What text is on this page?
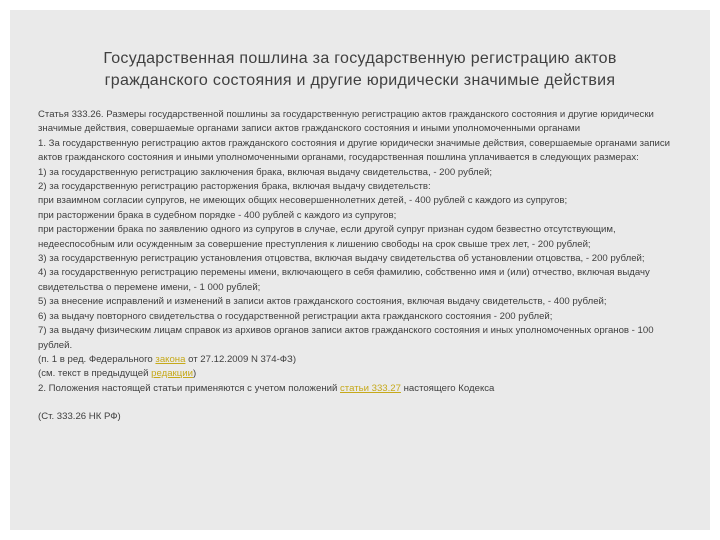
Государственная пошлина за государственную регистрацию актов
гражданского состояния и другие юридически значимые действия

Статья 333.26. Размеры государственной пошлины за государственную регистрацию актов гражданского состояния и другие юридически значимые действия, совершаемые органами записи актов гражданского состояния и иными уполномоченными органами

1. За государственную регистрацию актов гражданского состояния и другие юридически значимые действия, совершаемые органами записи актов гражданского состояния и иными уполномоченными органами, государственная пошлина уплачивается в следующих размерах:

1) за государственную регистрацию заключения брака, включая выдачу свидетельства, - 200 рублей;

2) за государственную регистрацию расторжения брака, включая выдачу свидетельств:

при взаимном согласии супругов, не имеющих общих несовершеннолетних детей, - 400 рублей с каждого из супругов;

при расторжении брака в судебном порядке - 400 рублей с каждого из супругов;

при расторжении брака по заявлению одного из супругов в случае, если другой супруг признан судом безвестно отсутствующим, недееспособным или осужденным за совершение преступления к лишению свободы на срок свыше трех лет, - 200 рублей;

3) за государственную регистрацию установления отцовства, включая выдачу свидетельства об установлении отцовства, - 200 рублей;

4) за государственную регистрацию перемены имени, включающего в себя фамилию, собственно имя и (или) отчество, включая выдачу свидетельства о перемене имени, - 1 000 рублей;

5) за внесение исправлений и изменений в записи актов гражданского состояния, включая выдачу свидетельств, - 400 рублей;

6) за выдачу повторного свидетельства о государственной регистрации акта гражданского состояния - 200 рублей;

7) за выдачу физическим лицам справок из архивов органов записи актов гражданского состояния и иных уполномоченных органов - 100 рублей.

(п. 1 в ред. Федерального закона от 27.12.2009 N 374-ФЗ)

(см. текст в предыдущей редакции)

2. Положения настоящей статьи применяются с учетом положений статьи 333.27 настоящего Кодекса

(Ст. 333.26 НК РФ)
